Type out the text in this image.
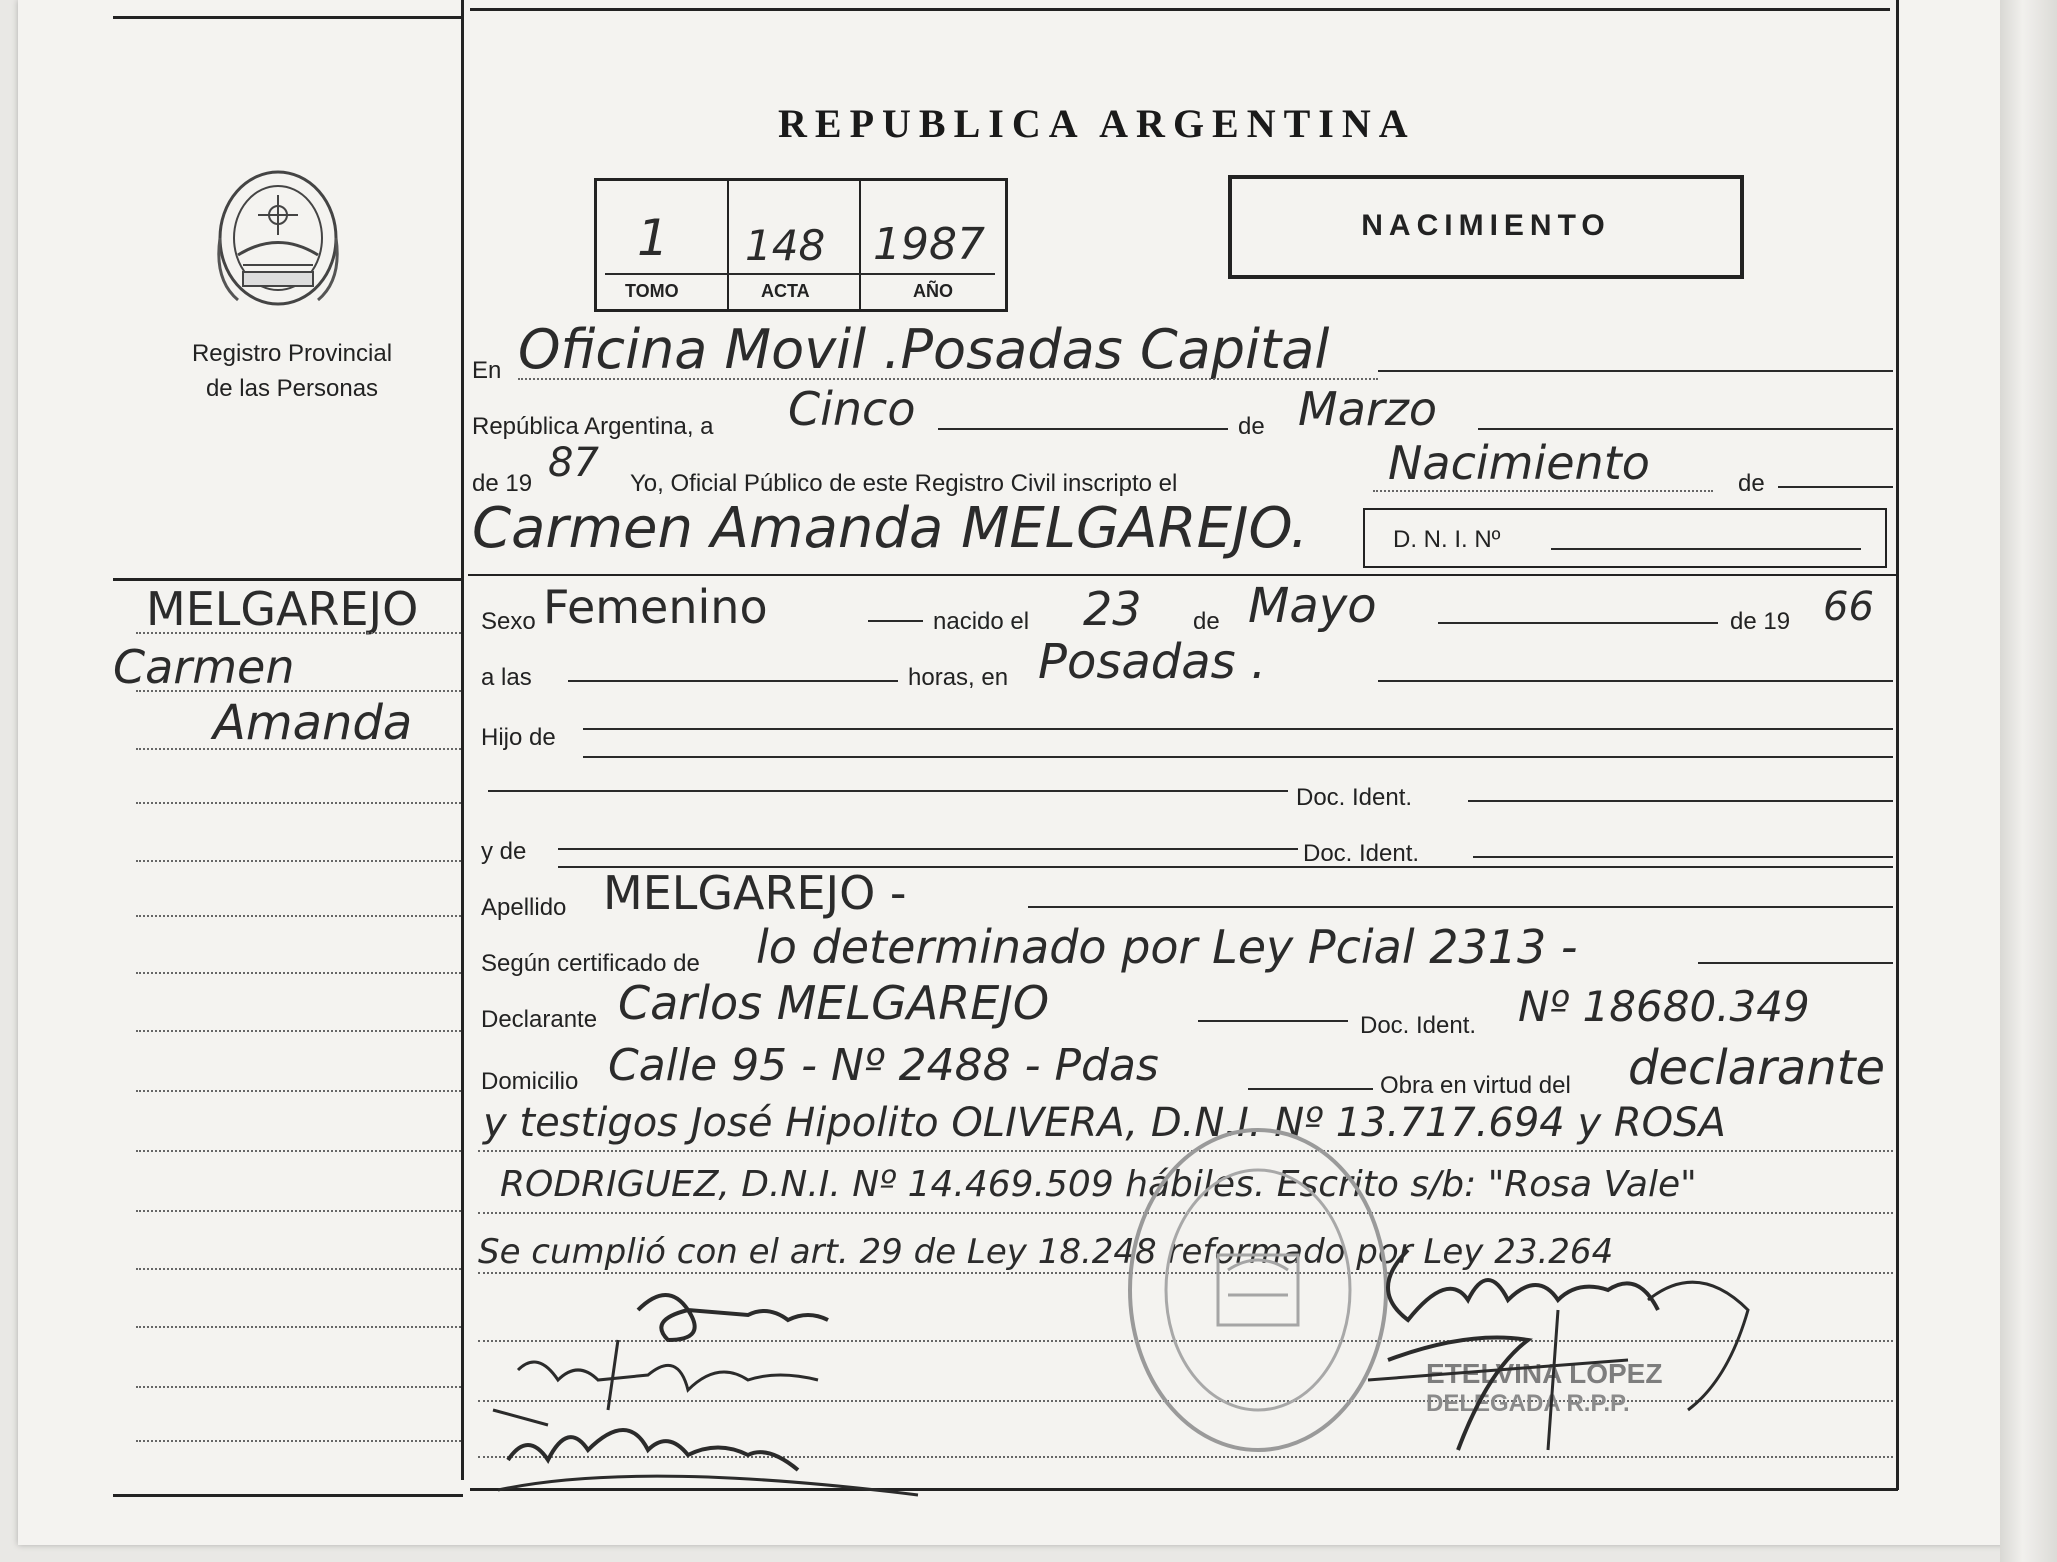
Registro Provincial
de las Personas
REPUBLICA ARGENTINA
1 148 1987
TOMO	ACTA	AÑO
NACIMIENTO
En Oficina Movil .Posadas Capital
República Argentina, a Cinco	de Marzo
de 19 87 Yo, Oficial Público de este Registro Civil inscripto el	Nacimiento	de
Carmen Amanda MELGAREJO.	D. N. I. Nº
MELGAREJO
Carmen
Amanda
Sexo Femenino	nacido el 23 de Mayo	de 19 66
a las	horas, en Posadas .
Hijo de
Doc. Ident.
y de	Doc. Ident.
Apellido MELGAREJO -
Según certificado de lo determinado por Ley Pcial 2313 -
Declarante Carlos MELGAREJO	Doc. Ident. Nº 18680.349
Domicilio Calle 95 - Nº 2488 - Pdas	Obra en virtud del declarante
y testigos José Hipolito OLIVERA, D.N.I. Nº 13.717.694 y ROSA
RODRIGUEZ, D.N.I. Nº 14.469.509 hábiles. Escrito s/b: "Rosa Vale"
Se cumplió con el art. 29 de Ley 18.248 reformado por Ley 23.264
ETELVINA LOPEZ
DELEGADA R.P.P.
